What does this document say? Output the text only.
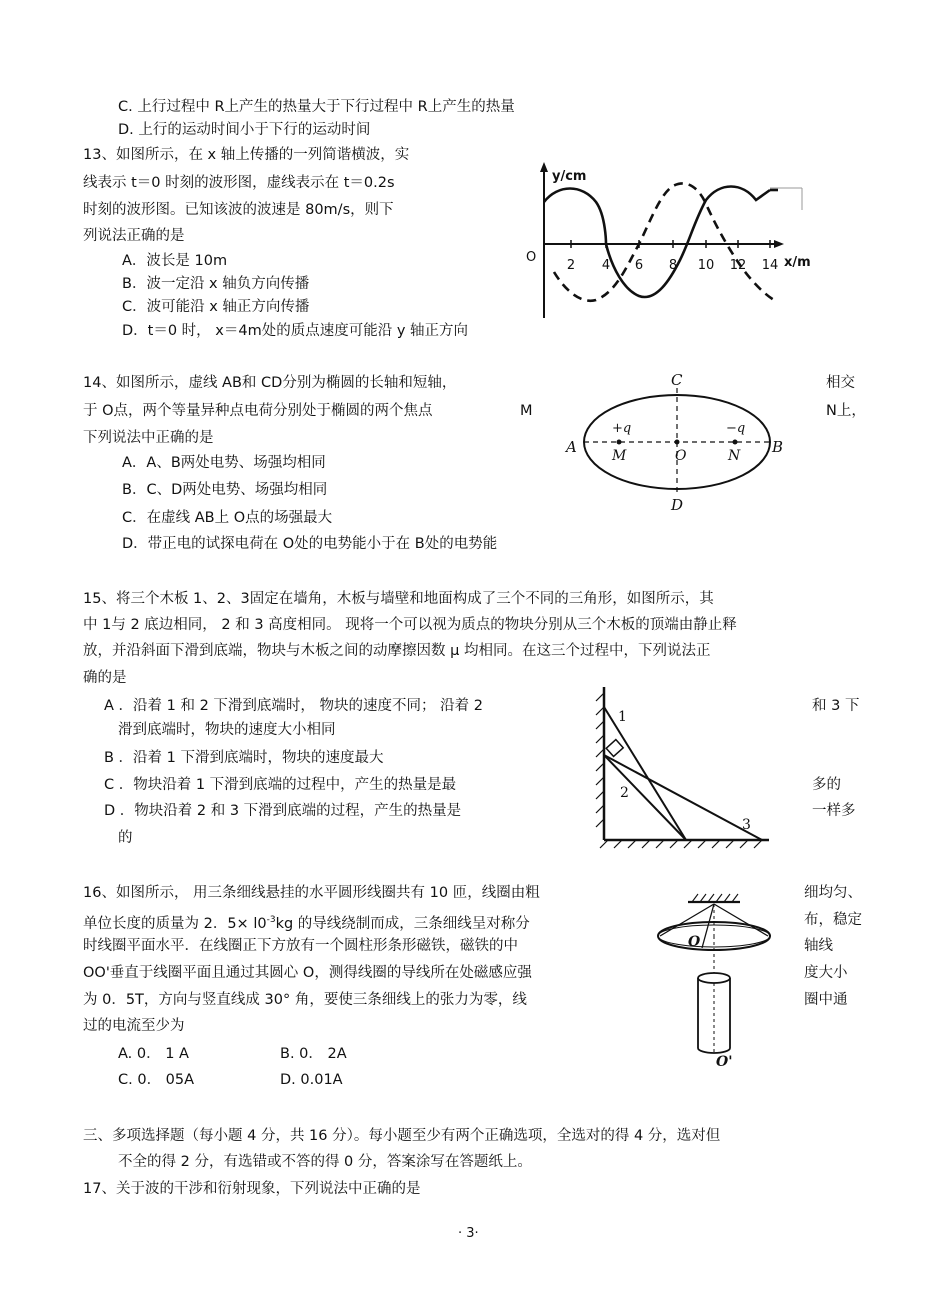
C. 上行过程中 R上产生的热量大于下行过程中 R上产生的热量
D. 上行的运动时间小于下行的运动时间
13、如图所示，在 x 轴上传播的一列简谐横波，实
线表示 t＝0 时刻的波形图，虚线表示在 t＝0.2s
时刻的波形图。已知该波的波速是 80m/s，则下
列说法正确的是
A．波长是 10m
B．波一定沿 x 轴负方向传播
C．波可能沿 x 轴正方向传播
D．t＝0 时， x＝4m处的质点速度可能沿 y 轴正方向
y/cm
x/m
O
2 4 6 8 10 12 14
14、如图所示，虚线 AB和 CD分别为椭圆的长轴和短轴，	相交
于 O点，两个等量异种点电荷分别处于椭圆的两个焦点	M	N上，
下列说法中正确的是
A．A、B两处电势、场强均相同
B．C、D两处电势、场强均相同
C．在虚线 AB上 O点的场强最大
D．带正电的试探电荷在 O处的电势能小于在 B处的电势能
A	B
C
D
+q	−q
M	O	N
15、将三个木板 1、2、3固定在墙角，木板与墙壁和地面构成了三个不同的三角形，如图所示，其
中 1与 2 底边相同， 2 和 3 高度相同。 现将一个可以视为质点的物块分别从三个木板的顶端由静止释
放，并沿斜面下滑到底端，物块与木板之间的动摩擦因数 μ 均相同。在这三个过程中，下列说法正
确的是
A ．沿着 1 和 2 下滑到底端时， 物块的速度不同； 沿着 2	和 3 下
滑到底端时，物块的速度大小相同
B ．沿着 1 下滑到底端时，物块的速度最大
C ．物块沿着 1 下滑到底端的过程中，产生的热量是最	多的
D ．物块沿着 2 和 3 下滑到底端的过程，产生的热量是	一样多
的
1
2
3
16、如图所示， 用三条细线悬挂的水平圆形线圈共有 10 匝，线圈由粗	细均匀、
单位长度的质量为 2．$5\times l0^{-3}kg$ 的导线绕制而成，三条细线呈对称分	布，稳定
时线圈平面水平．在线圈正下方放有一个圆柱形条形磁铁，磁铁的中	轴线
OO'垂直于线圈平面且通过其圆心 O，测得线圈的导线所在处磁感应强	度大小
为 0．5T，方向与竖直线成 30° 角，要使三条细线上的张力为零，线	圈中通
过的电流至少为
A. 0． 1 A	B. 0． 2A
C. 0． 05A	D. 0.01A
O
O'
三、多项选择题（每小题 4 分，共 16 分）。每小题至少有两个正确选项，全选对的得 4 分，选对但
不全的得 2 分，有选错或不答的得 0 分，答案涂写在答题纸上。
17、关于波的干涉和衍射现象，下列说法中正确的是
· 3·
